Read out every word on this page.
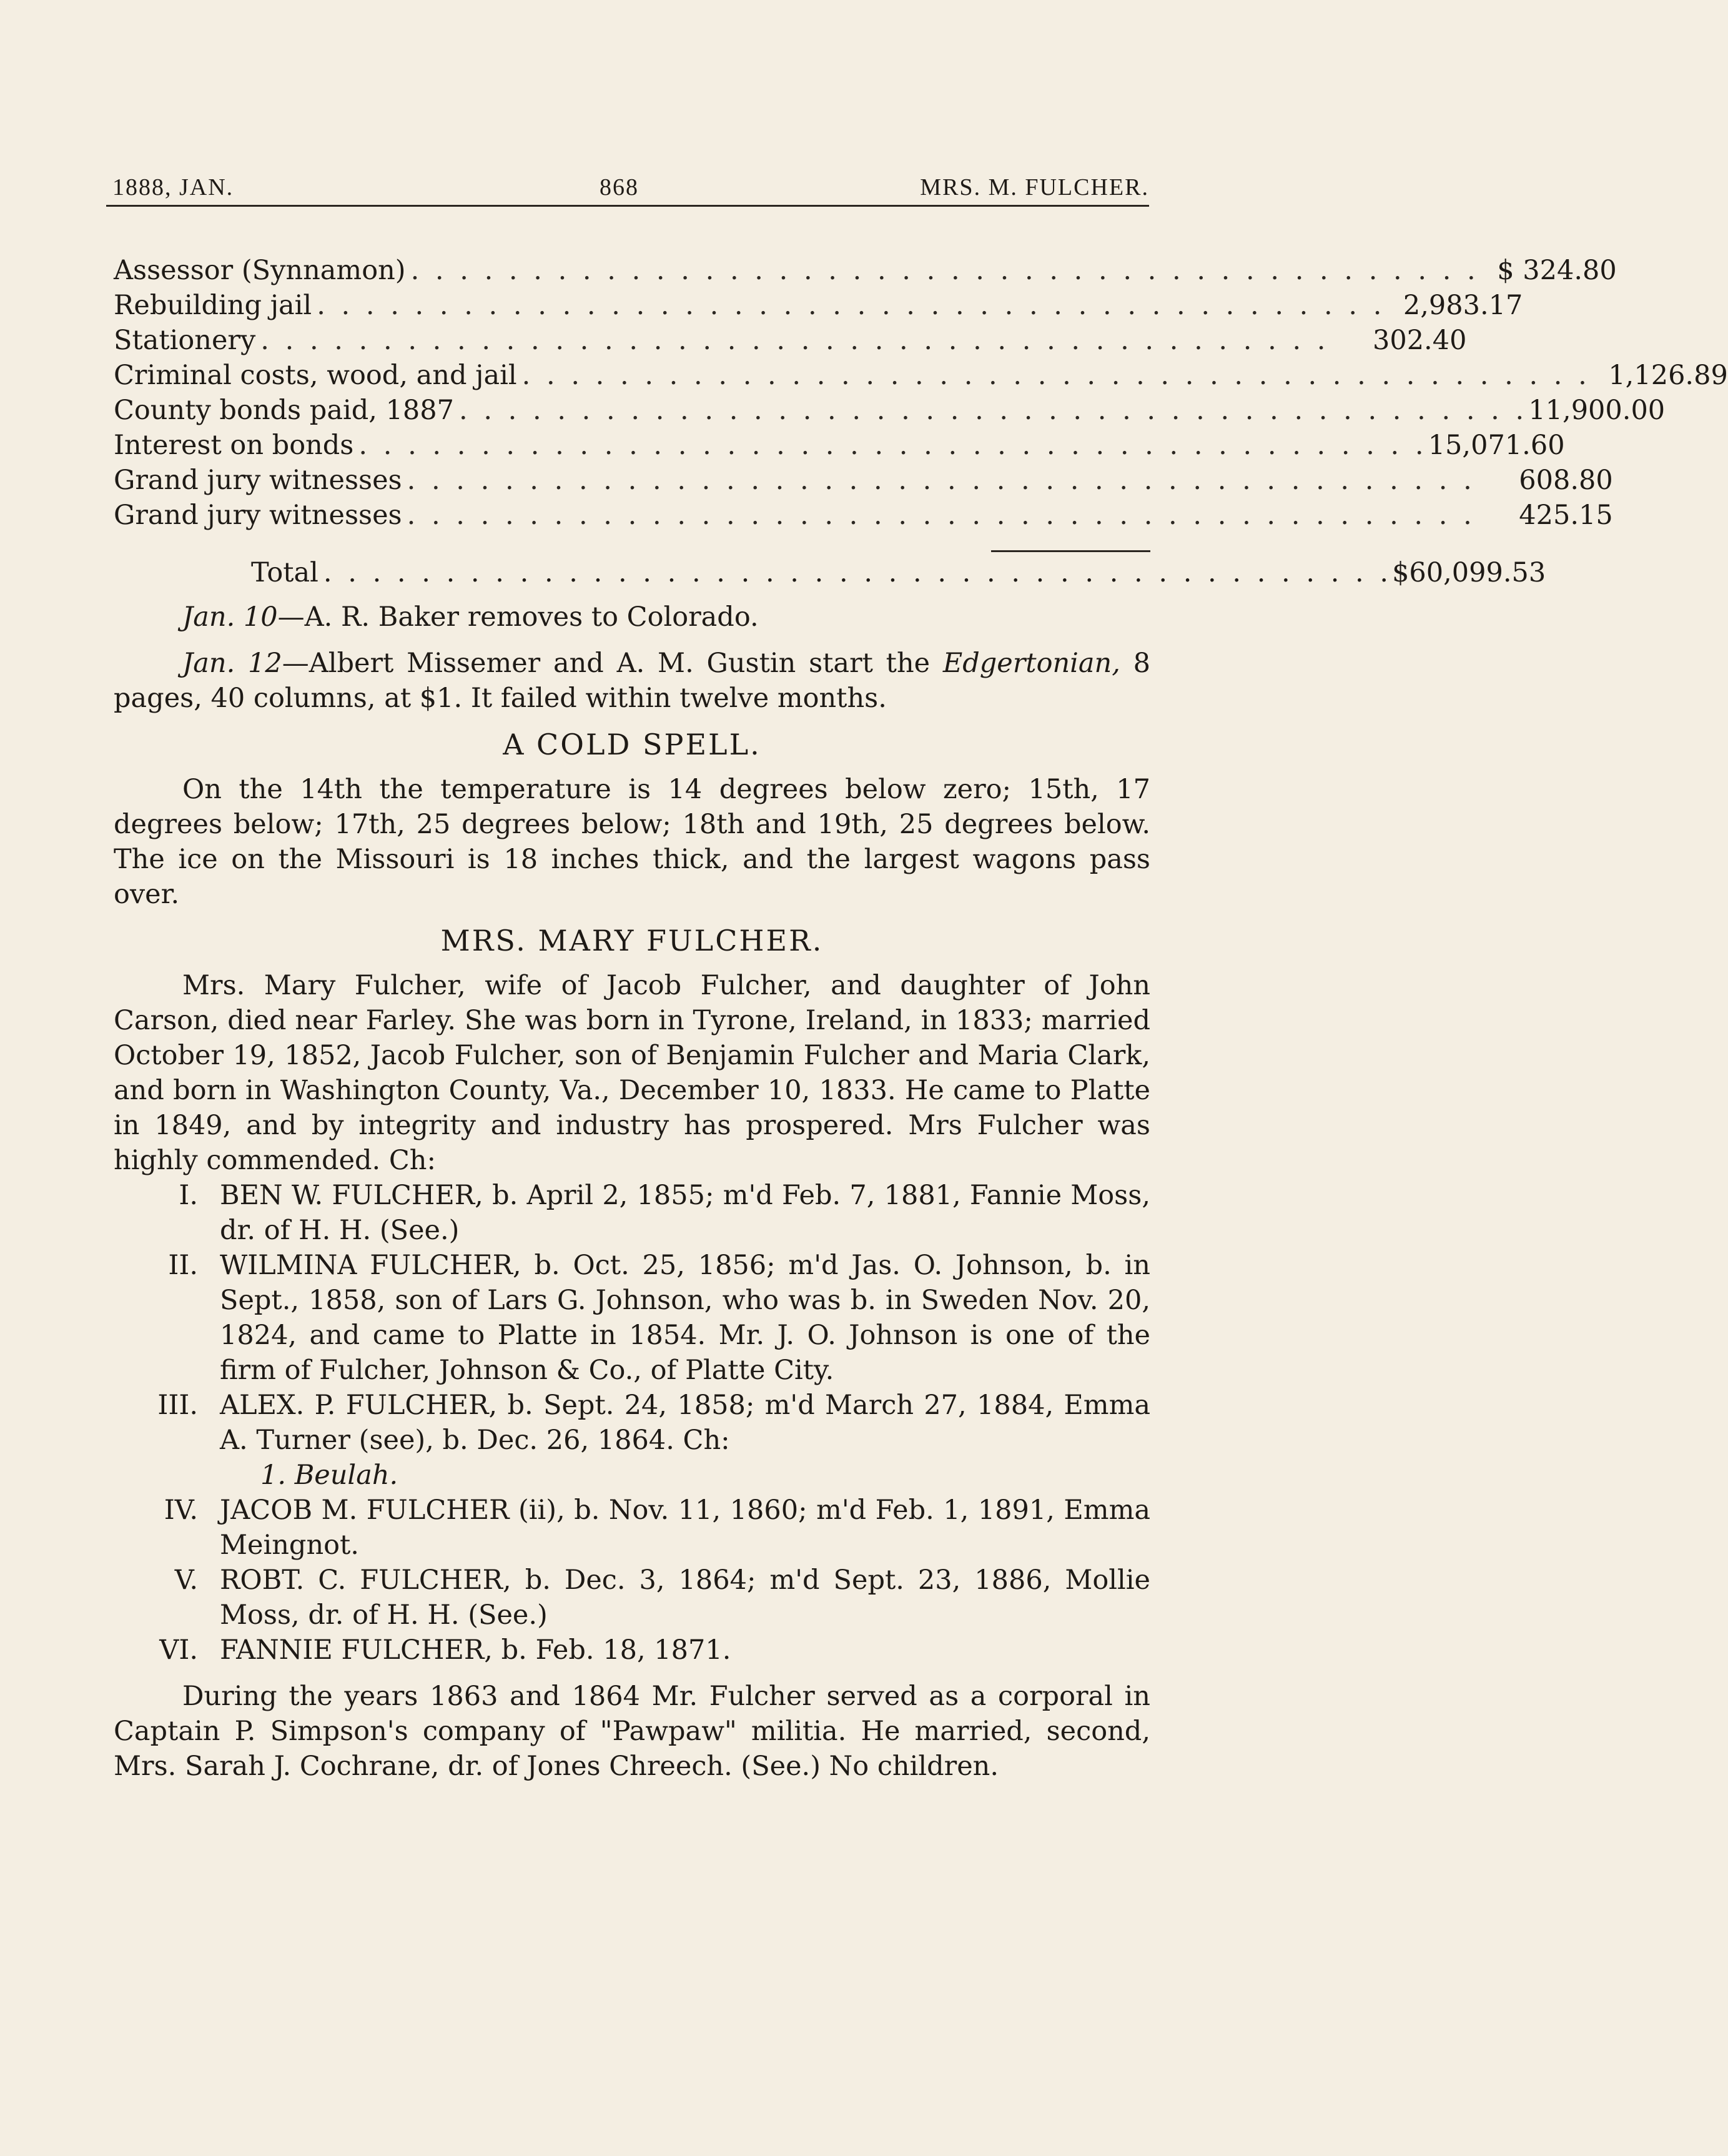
1888, JAN.	868	MRS. M. FULCHER.
Assessor (Synnamon) . . . . . . . . . . . . . . . . . . . . . . . . . . . . . . . . . . . . . . . . . . . . $ 324.80
Rebuilding jail . . . . . . . . . . . . . . . . . . . . . . . . . . . . . . . . . . . . . . . . . . . . 2,983.17
Stationery . . . . . . . . . . . . . . . . . . . . . . . . . . . . . . . . . . . . . . . . . . . .	302.40
Criminal costs, wood, and jail . . . . . . . . . . . . . . . . . . . . . . . . . . . . . . . . . . . . . . . . . . . . 1,126.89
County bonds paid, 1887 . . . . . . . . . . . . . . . . . . . . . . . . . . . . . . . . . . . . . . . . . . . . 11,900.00
Interest on bonds . . . . . . . . . . . . . . . . . . . . . . . . . . . . . . . . . . . . . . . . . . . . 15,071.60
Grand jury witnesses . . . . . . . . . . . . . . . . . . . . . . . . . . . . . . . . . . . . . . . . . . . .	608.80
Grand jury witnesses . . . . . . . . . . . . . . . . . . . . . . . . . . . . . . . . . . . . . . . . . . . .	425.15
Total . . . . . . . . . . . . . . . . . . . . . . . . . . . . . . . . . . . . . . . . . . . . $60,099.53

Jan. 10—A. R. Baker removes to Colorado.

Jan. 12—Albert Missemer and A. M. Gustin start the Edgertonian, 8 pages, 40 columns, at $1. It failed within twelve months.

A COLD SPELL.

On the 14th the temperature is 14 degrees below zero; 15th, 17 degrees below; 17th, 25 degrees below; 18th and 19th, 25 degrees below. The ice on the Missouri is 18 inches thick, and the largest wagons pass over.

MRS. MARY FULCHER.

Mrs. Mary Fulcher, wife of Jacob Fulcher, and daughter of John Carson, died near Farley. She was born in Tyrone, Ireland, in 1833; married October 19, 1852, Jacob Fulcher, son of Benjamin Fulcher and Maria Clark, and born in Washington County, Va., December 10, 1833. He came to Platte in 1849, and by integrity and industry has prospered. Mrs Fulcher was highly commended. Ch:

I. BEN W. FULCHER, b. April 2, 1855; m'd Feb. 7, 1881, Fannie Moss, dr. of H. H. (See.)
II. WILMINA FULCHER, b. Oct. 25, 1856; m'd Jas. O. Johnson, b. in Sept., 1858, son of Lars G. Johnson, who was b. in Sweden Nov. 20, 1824, and came to Platte in 1854. Mr. J. O. Johnson is one of the firm of Fulcher, Johnson & Co., of Platte City.
III. ALEX. P. FULCHER, b. Sept. 24, 1858; m'd March 27, 1884, Emma A. Turner (see), b. Dec. 26, 1864. Ch:
1. Beulah.
IV. JACOB M. FULCHER (ii), b. Nov. 11, 1860; m'd Feb. 1, 1891, Emma Meingnot.
V. ROBT. C. FULCHER, b. Dec. 3, 1864; m'd Sept. 23, 1886, Mollie Moss, dr. of H. H. (See.)
VI. FANNIE FULCHER, b. Feb. 18, 1871.

During the years 1863 and 1864 Mr. Fulcher served as a corporal in Captain P. Simpson's company of "Pawpaw" militia. He married, second, Mrs. Sarah J. Cochrane, dr. of Jones Chreech. (See.) No children.
